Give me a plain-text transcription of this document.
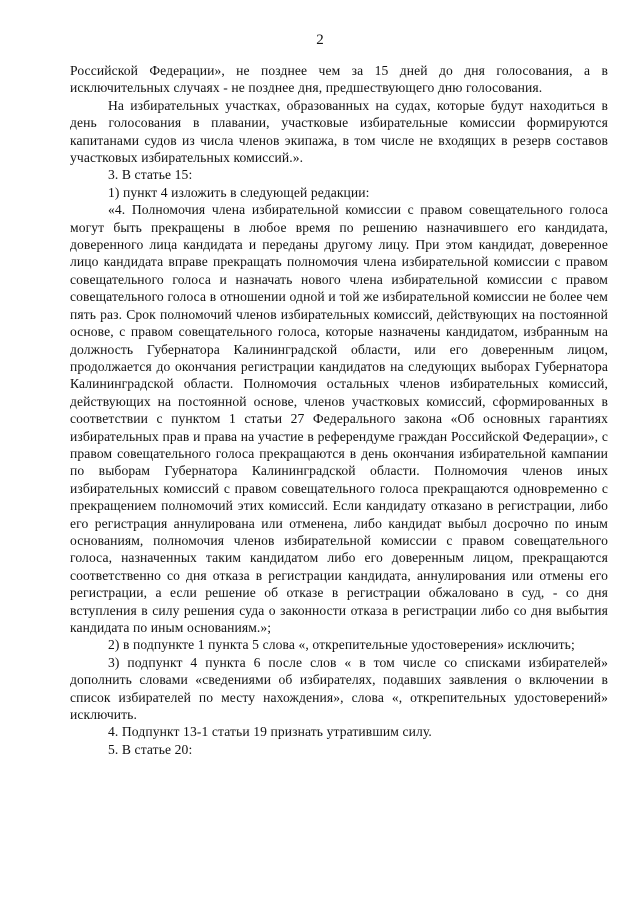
2

Российской Федерации», не позднее чем за 15 дней до дня голосования, а в исключительных случаях - не позднее дня, предшествующего дню голосования.

На избирательных участках, образованных на судах, которые будут находиться в день голосования в плавании, участковые избирательные комиссии формируются капитанами судов из числа членов экипажа, в том числе не входящих в резерв составов участковых избирательных комиссий.».

3. В статье 15:

1) пункт 4 изложить в следующей редакции:

«4. Полномочия члена избирательной комиссии с правом совещательного голоса могут быть прекращены в любое время по решению назначившего его кандидата, доверенного лица кандидата и переданы другому лицу. При этом кандидат, доверенное лицо кандидата вправе прекращать полномочия члена избирательной комиссии с правом совещательного голоса и назначать нового члена избирательной комиссии с правом совещательного голоса в отношении одной и той же избирательной комиссии не более чем пять раз. Срок полномочий членов избирательных комиссий, действующих на постоянной основе, с правом совещательного голоса, которые назначены кандидатом, избранным на должность Губернатора Калининградской области, или его доверенным лицом, продолжается до окончания регистрации кандидатов на следующих выборах Губернатора Калининградской области. Полномочия остальных членов избирательных комиссий, действующих на постоянной основе, членов участковых комиссий, сформированных в соответствии с пунктом 1 статьи 27 Федерального закона «Об основных гарантиях избирательных прав и права на участие в референдуме граждан Российской Федерации», с правом совещательного голоса прекращаются в день окончания избирательной кампании по выборам Губернатора Калининградской области. Полномочия членов иных избирательных комиссий с правом совещательного голоса прекращаются одновременно с прекращением полномочий этих комиссий. Если кандидату отказано в регистрации, либо его регистрация аннулирована или отменена, либо кандидат выбыл досрочно по иным основаниям, полномочия членов избирательной комиссии с правом совещательного голоса, назначенных таким кандидатом либо его доверенным лицом, прекращаются соответственно со дня отказа в регистрации кандидата, аннулирования или отмены его регистрации, а если решение об отказе в регистрации обжаловано в суд, - со дня вступления в силу решения суда о законности отказа в регистрации либо со дня выбытия кандидата по иным основаниям.»;

2) в подпункте 1 пункта 5 слова «, открепительные удостоверения» исключить;

3) подпункт 4 пункта 6 после слов « в том числе со списками избирателей» дополнить словами «сведениями об избирателях, подавших заявления о включении в список избирателей по месту нахождения», слова «, открепительных удостоверений» исключить.

4. Подпункт 13-1 статьи 19 признать утратившим силу.

5. В статье 20:
